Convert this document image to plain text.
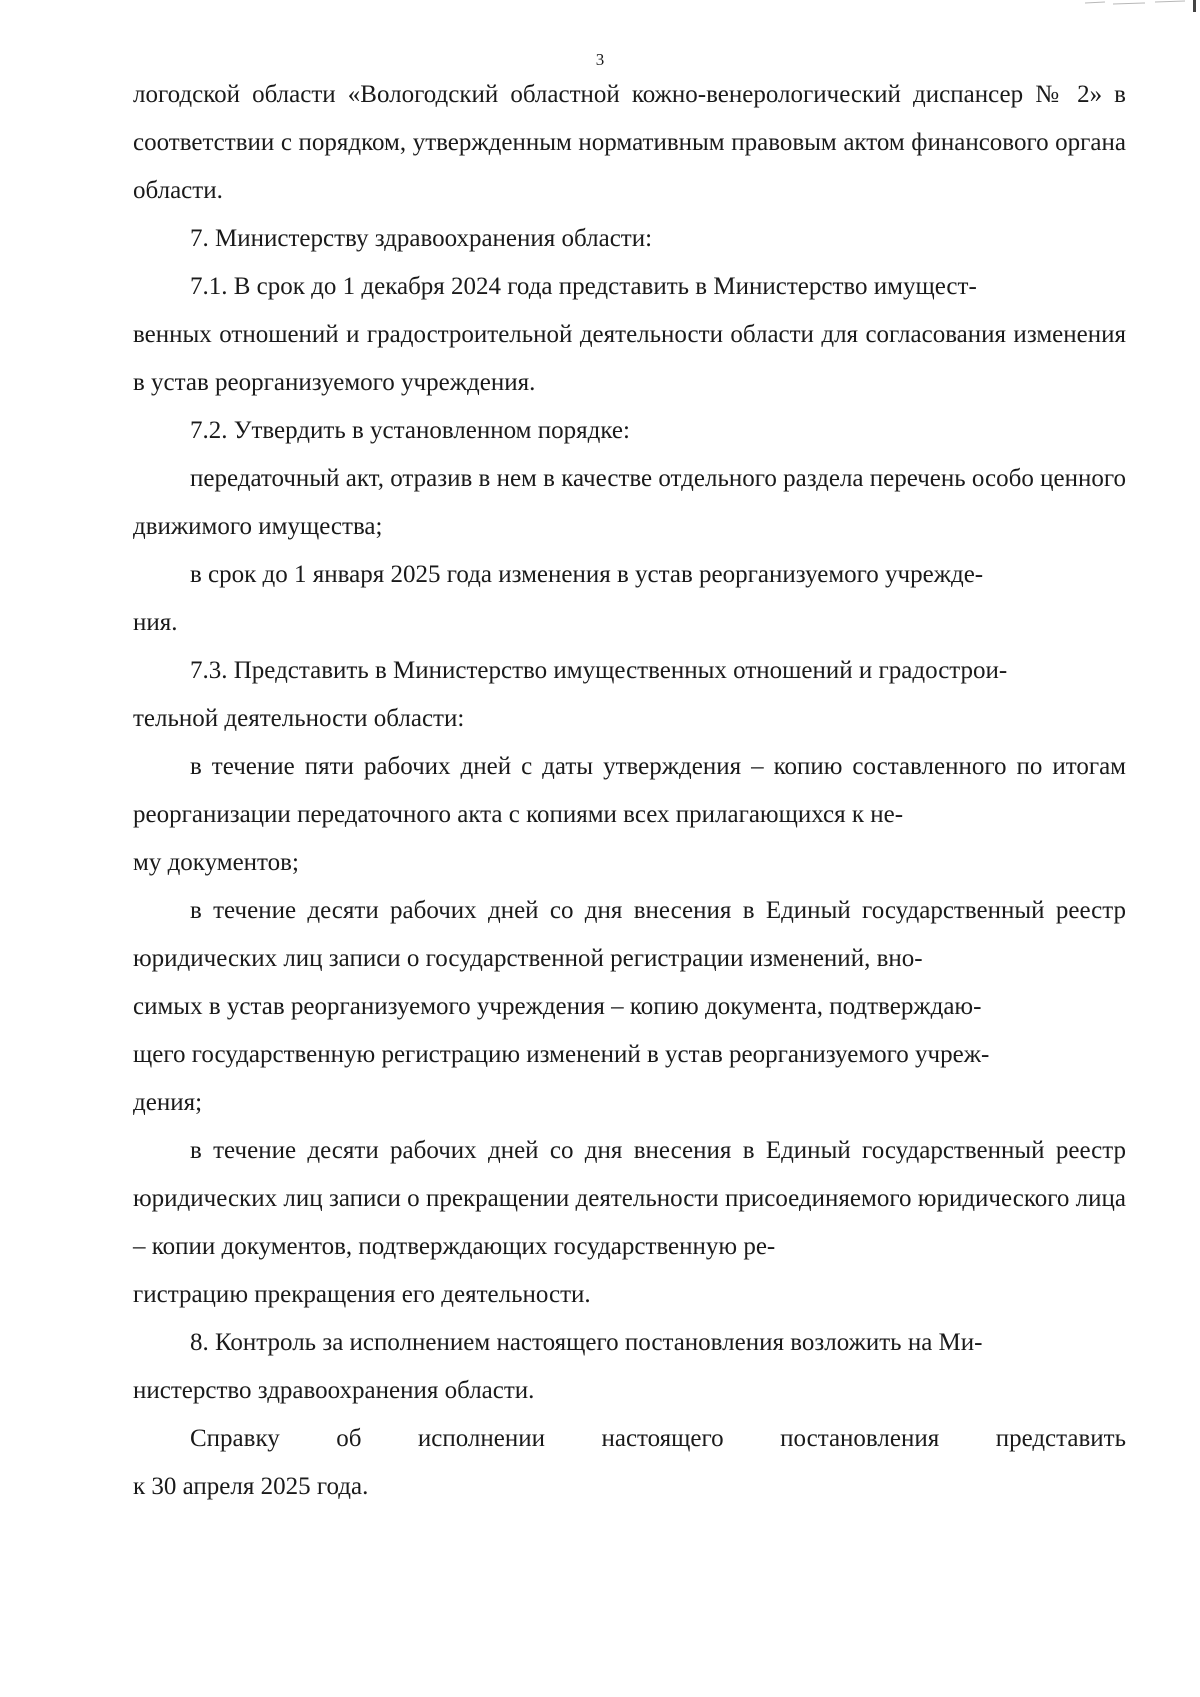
3

логодской области «Вологодский областной кожно-венерологический диспансер № 2» в соответствии с порядком, утвержденным нормативным правовым актом финансового органа области.

7. Министерству здравоохранения области:

7.1. В срок до 1 декабря 2024 года представить в Министерство имущест-
венных отношений и градостроительной деятельности области для согласования изменения в устав реорганизуемого учреждения.

7.2. Утвердить в установленном порядке:

передаточный акт, отразив в нем в качестве отдельного раздела перечень особо ценного движимого имущества;

в срок до 1 января 2025 года изменения в устав реорганизуемого учрежде-
ния.

7.3. Представить в Министерство имущественных отношений и градострои-
тельной деятельности области:

в течение пяти рабочих дней с даты утверждения – копию составленного по итогам реорганизации передаточного акта с копиями всех прилагающихся к не-
му документов;

в течение десяти рабочих дней со дня внесения в Единый государственный реестр юридических лиц записи о государственной регистрации изменений, вно-
симых в устав реорганизуемого учреждения – копию документа, подтверждаю-
щего государственную регистрацию изменений в устав реорганизуемого учреж-
дения;

в течение десяти рабочих дней со дня внесения в Единый государственный реестр юридических лиц записи о прекращении деятельности присоединяемого юридического лица – копии документов, подтверждающих государственную ре-
гистрацию прекращения его деятельности.

8. Контроль за исполнением настоящего постановления возложить на Ми-
нистерство здравоохранения области.

Справку об исполнении настоящего постановления представить

к 30 апреля 2025 года.
